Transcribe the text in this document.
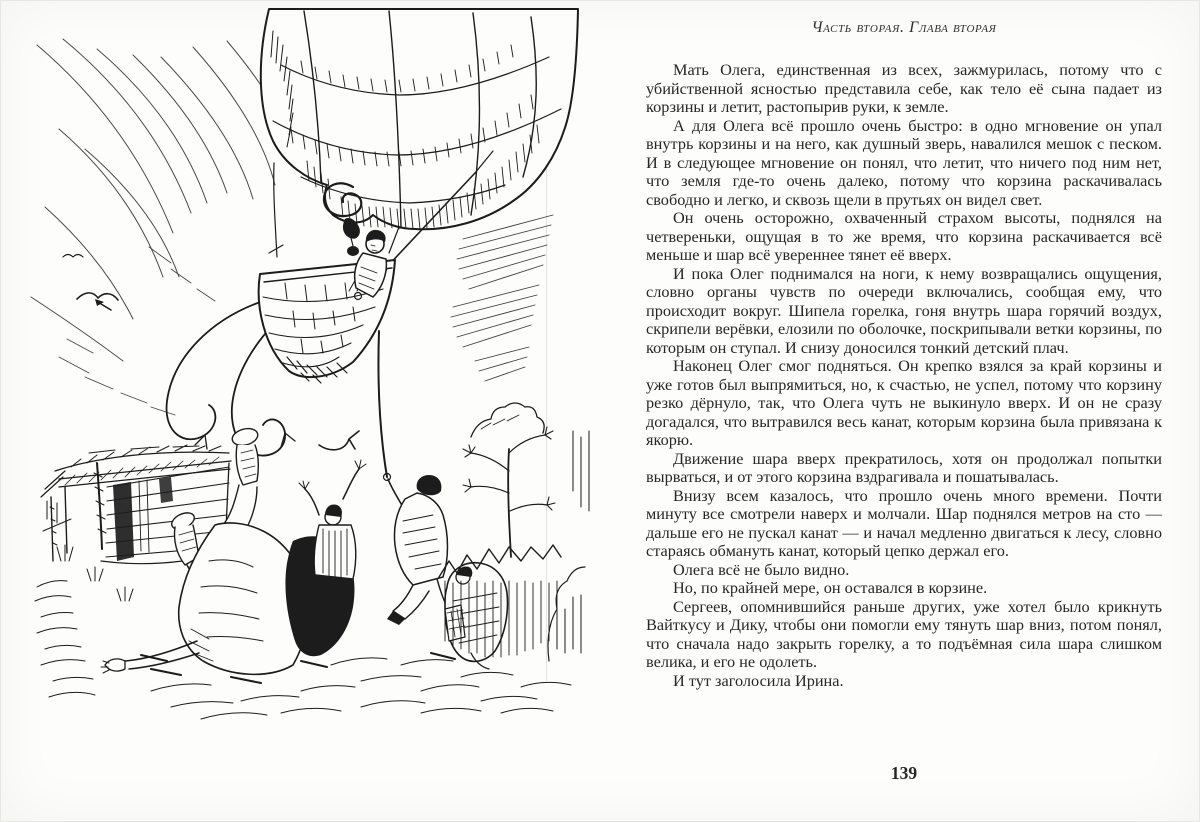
Часть вторая. Глава вторая

Мать Олега, единственная из всех, зажмурилась, потому что с убийственной ясностью представила себе, как тело её сына падает из корзины и летит, растопырив руки, к земле.

А для Олега всё прошло очень быстро: в одно мгновение он упал внутрь корзины и на него, как душный зверь, навалился мешок с песком. И в следующее мгновение он понял, что летит, что ничего под ним нет, что земля где-то очень далеко, потому что корзина раскачивалась свободно и легко, и сквозь щели в прутьях он видел свет.

Он очень осторожно, охваченный страхом высоты, поднялся на четвереньки, ощущая в то же время, что корзина раскачивается всё меньше и шар всё увереннее тянет её вверх.

И пока Олег поднимался на ноги, к нему возвращались ощущения, словно органы чувств по очереди включались, сообщая ему, что происходит вокруг. Шипела горелка, гоня внутрь шара горячий воздух, скрипели верёвки, елозили по оболочке, поскрипывали ветки корзины, по которым он ступал. И снизу доносился тонкий детский плач.

Наконец Олег смог подняться. Он крепко взялся за край корзины и уже готов был выпрямиться, но, к счастью, не успел, потому что корзину резко дёрнуло, так, что Олега чуть не выкинуло вверх. И он не сразу догадался, что вытравился весь канат, которым корзина была привязана к якорю.

Движение шара вверх прекратилось, хотя он продолжал попытки вырваться, и от этого корзина вздрагивала и пошатывалась.

Внизу всем казалось, что прошло очень много времени. Почти минуту все смотрели наверх и молчали. Шар поднялся метров на сто — дальше его не пускал канат — и начал медленно двигаться к лесу, словно стараясь обмануть канат, который цепко держал его.

Олега всё не было видно.

Но, по крайней мере, он оставался в корзине.

Сергеев, опомнившийся раньше других, уже хотел было крикнуть Вайткусу и Дику, чтобы они помогли ему тянуть шар вниз, потом понял, что сначала надо закрыть горелку, а то подъёмная сила шара слишком велика, и его не одолеть.

И тут заголосила Ирина.

139
